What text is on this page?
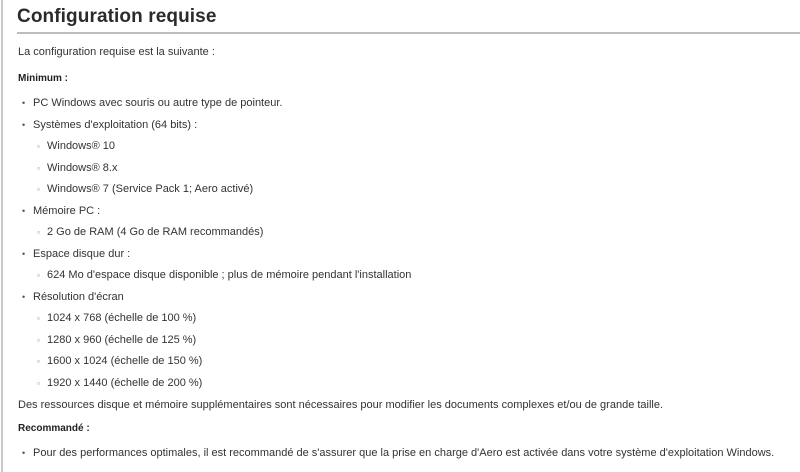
Configuration requise
La configuration requise est la suivante :
Minimum :
• PC Windows avec souris ou autre type de pointeur.
• Systèmes d'exploitation (64 bits) :
▫ Windows® 10
▫ Windows® 8.x
▫ Windows® 7 (Service Pack 1; Aero activé)
• Mémoire PC :
▫ 2 Go de RAM (4 Go de RAM recommandés)
• Espace disque dur :
▫ 624 Mo d'espace disque disponible ; plus de mémoire pendant l'installation
• Résolution d'écran
▫ 1024 x 768 (échelle de 100 %)
▫ 1280 x 960 (échelle de 125 %)
▫ 1600 x 1024 (échelle de 150 %)
▫ 1920 x 1440 (échelle de 200 %)
Des ressources disque et mémoire supplémentaires sont nécessaires pour modifier les documents complexes et/ou de grande taille.
Recommandé :
• Pour des performances optimales, il est recommandé de s'assurer que la prise en charge d'Aero est activée dans votre système d'exploitation Windows.
